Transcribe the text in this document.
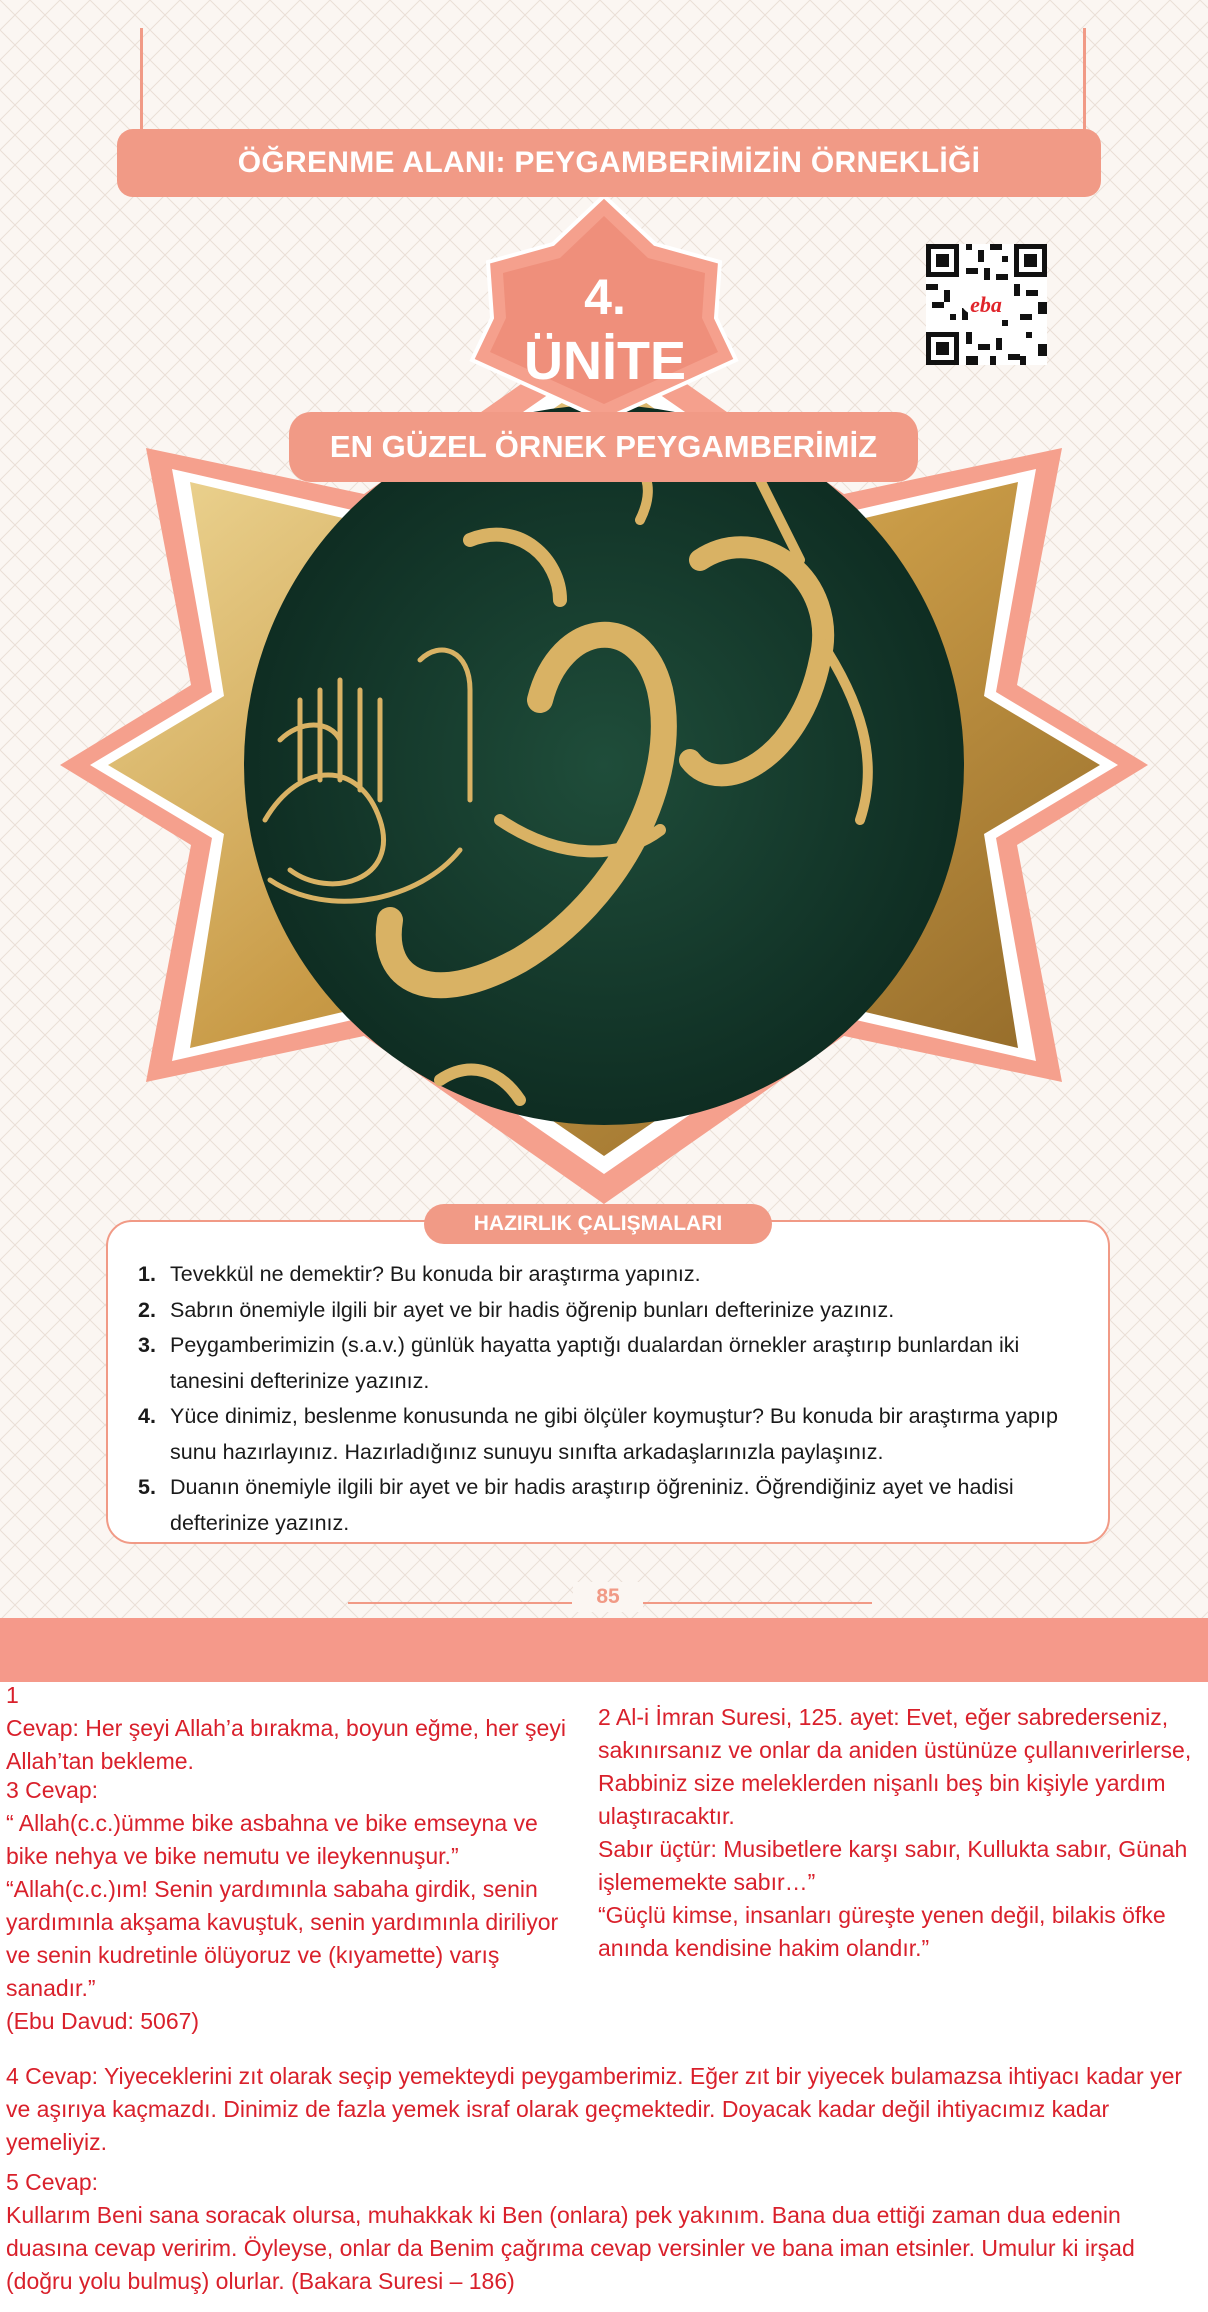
ÖĞRENME ALANI: PEYGAMBERİMİZİN ÖRNEKLİĞİ
4.
ÜNİTE
eba
EN GÜZEL ÖRNEK PEYGAMBERİMİZ
HAZIRLIK ÇALIŞMALARI
1. Tevekkül ne demektir? Bu konuda bir araştırma yapınız.
2. Sabrın önemiyle ilgili bir ayet ve bir hadis öğrenip bunları defterinize yazınız.
3. Peygamberimizin (s.a.v.) günlük hayatta yaptığı dualardan örnekler araştırıp bunlardan iki tanesini defterinize yazınız.
4. Yüce dinimiz, beslenme konusunda ne gibi ölçüler koymuştur? Bu konuda bir araştırma yapıp sunu hazırlayınız. Hazırladığınız sunuyu sınıfta arkadaşlarınızla paylaşınız.
5. Duanın önemiyle ilgili bir ayet ve bir hadis araştırıp öğreniniz. Öğrendiğiniz ayet ve hadisi defterinize yazınız.
85

1
Cevap: Her şeyi Allah’a bırakma, boyun eğme, her şeyi Allah’tan bekleme.

2 Al-i İmran Suresi, 125. ayet: Evet, eğer sabrederseniz, sakınırsanız ve onlar da aniden üstünüze çullanıverirlerse, Rabbiniz size meleklerden nişanlı beş bin kişiyle yardım ulaştıracaktır.
Sabır üçtür: Musibetlere karşı sabır, Kullukta sabır, Günah işlememekte sabır…”
“Güçlü kimse, insanları güreşte yenen değil, bilakis öfke anında kendisine hakim olandır.”

3 Cevap:
“ Allah(c.c.)ümme bike asbahna ve bike emseyna ve bike nehya ve bike nemutu ve ileykennuşur.”
“Allah(c.c.)ım! Senin yardımınla sabaha girdik, senin yardımınla akşama kavuştuk, senin yardımınla diriliyor ve senin kudretinle ölüyoruz ve (kıyamette) varış sanadır.”
(Ebu Davud: 5067)

4 Cevap: Yiyeceklerini zıt olarak seçip yemekteydi peygamberimiz. Eğer zıt bir yiyecek bulamazsa ihtiyacı kadar yer ve aşırıya kaçmazdı. Dinimiz de fazla yemek israf olarak geçmektedir. Doyacak kadar değil ihtiyacımız kadar yemeliyiz.

5 Cevap:
Kullarım Beni sana soracak olursa, muhakkak ki Ben (onlara) pek yakınım. Bana dua ettiği zaman dua edenin duasına cevap veririm. Öyleyse, onlar da Benim çağrıma cevap versinler ve bana iman etsinler. Umulur ki irşad (doğru yolu bulmuş) olurlar. (Bakara Suresi – 186)
